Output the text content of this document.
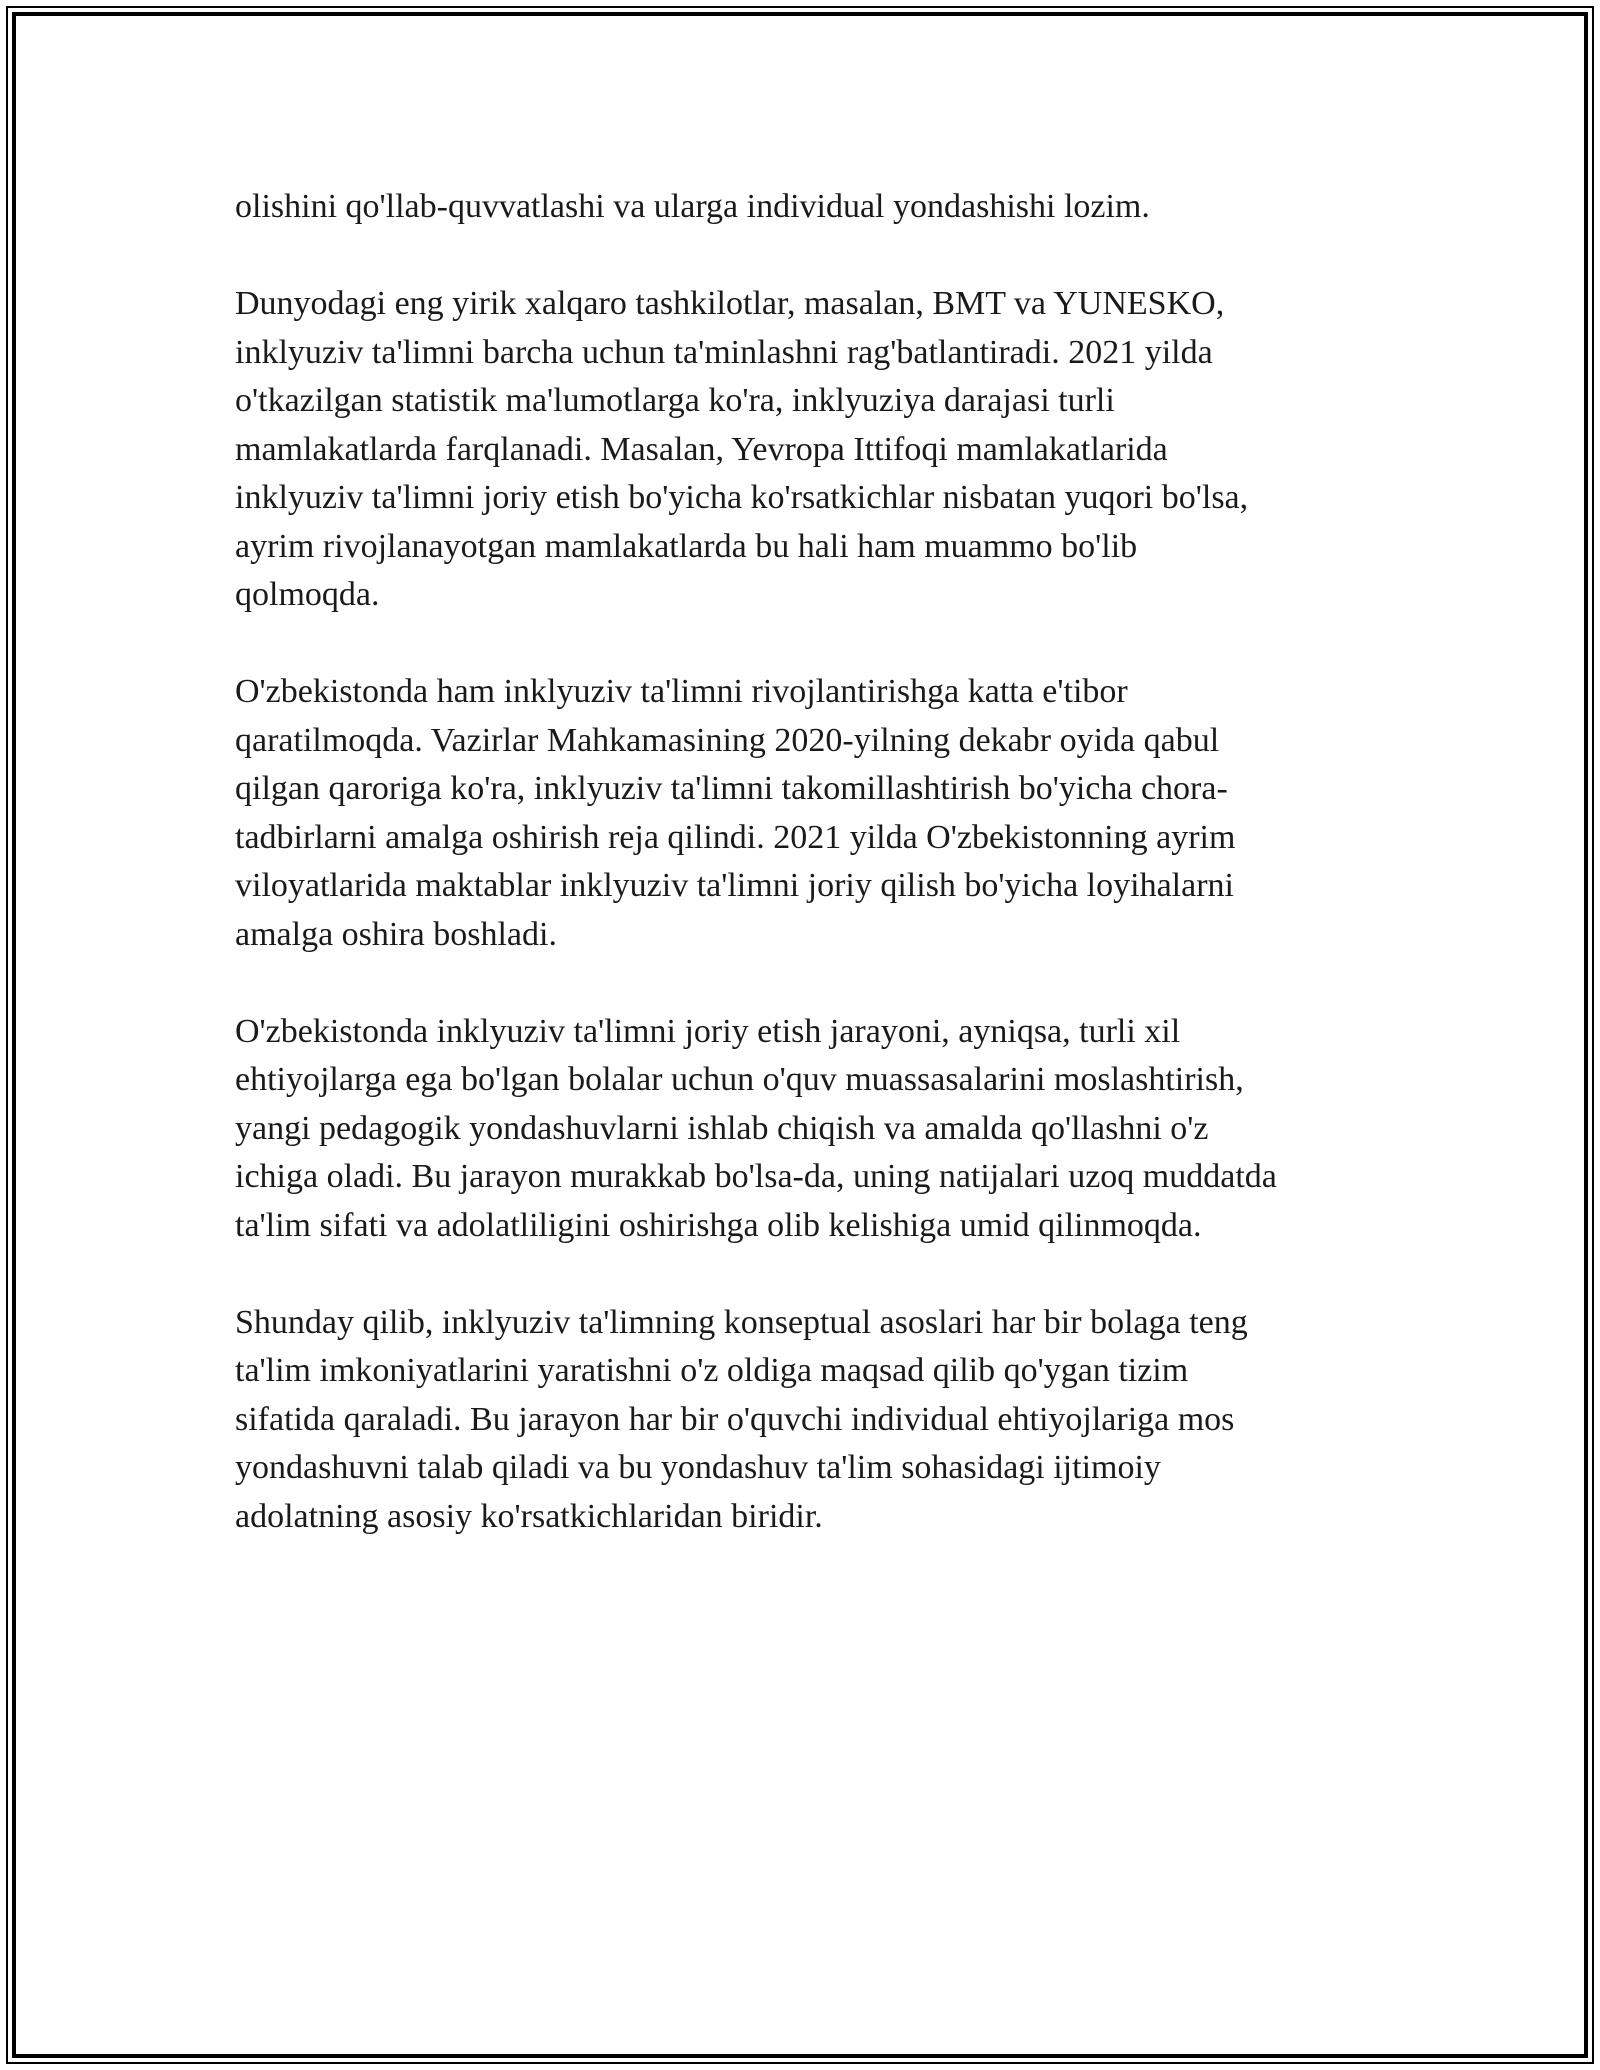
olishini qo'llab-quvvatlashi va ularga individual yondashishi lozim.

Dunyodagi eng yirik xalqaro tashkilotlar, masalan, BMT va YUNESKO,
inklyuziv ta'limni barcha uchun ta'minlashni rag'batlantiradi. 2021 yilda
o'tkazilgan statistik ma'lumotlarga ko'ra, inklyuziya darajasi turli
mamlakatlarda farqlanadi. Masalan, Yevropa Ittifoqi mamlakatlarida
inklyuziv ta'limni joriy etish bo'yicha ko'rsatkichlar nisbatan yuqori bo'lsa,
ayrim rivojlanayotgan mamlakatlarda bu hali ham muammo bo'lib
qolmoqda.

O'zbekistonda ham inklyuziv ta'limni rivojlantirishga katta e'tibor
qaratilmoqda. Vazirlar Mahkamasining 2020-yilning dekabr oyida qabul
qilgan qaroriga ko'ra, inklyuziv ta'limni takomillashtirish bo'yicha chora-
tadbirlarni amalga oshirish reja qilindi. 2021 yilda O'zbekistonning ayrim
viloyatlarida maktablar inklyuziv ta'limni joriy qilish bo'yicha loyihalarni
amalga oshira boshladi.

O'zbekistonda inklyuziv ta'limni joriy etish jarayoni, ayniqsa, turli xil
ehtiyojlarga ega bo'lgan bolalar uchun o'quv muassasalarini moslashtirish,
yangi pedagogik yondashuvlarni ishlab chiqish va amalda qo'llashni o'z
ichiga oladi. Bu jarayon murakkab bo'lsa-da, uning natijalari uzoq muddatda
ta'lim sifati va adolatliligini oshirishga olib kelishiga umid qilinmoqda.

Shunday qilib, inklyuziv ta'limning konseptual asoslari har bir bolaga teng
ta'lim imkoniyatlarini yaratishni o'z oldiga maqsad qilib qo'ygan tizim
sifatida qaraladi. Bu jarayon har bir o'quvchi individual ehtiyojlariga mos
yondashuvni talab qiladi va bu yondashuv ta'lim sohasidagi ijtimoiy
adolatning asosiy ko'rsatkichlaridan biridir.
